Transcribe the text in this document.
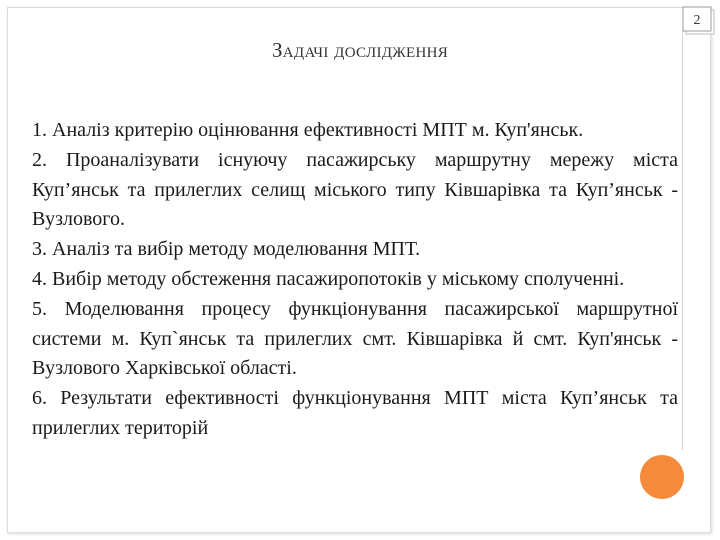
2
Задачі дослідження

1. Аналіз критерію оцінювання ефективності МПТ м. Куп'янськ.

2. Проаналізувати існуючу пасажирську маршрутну мережу міста Куп’янськ та прилеглих селищ міського типу Ківшарівка та Куп’янськ - Вузлового.

3. Аналіз та вибір методу моделювання МПТ.

4. Вибір методу обстеження пасажиропотоків у міському сполученні.

5. Моделювання процесу функціонування пасажирської маршрутної системи м. Куп`янськ та прилеглих смт. Ківшарівка й смт. Куп'янськ - Вузлового Харківської області.

6. Результати ефективності функціонування МПТ міста Куп’янськ та прилеглих територій
